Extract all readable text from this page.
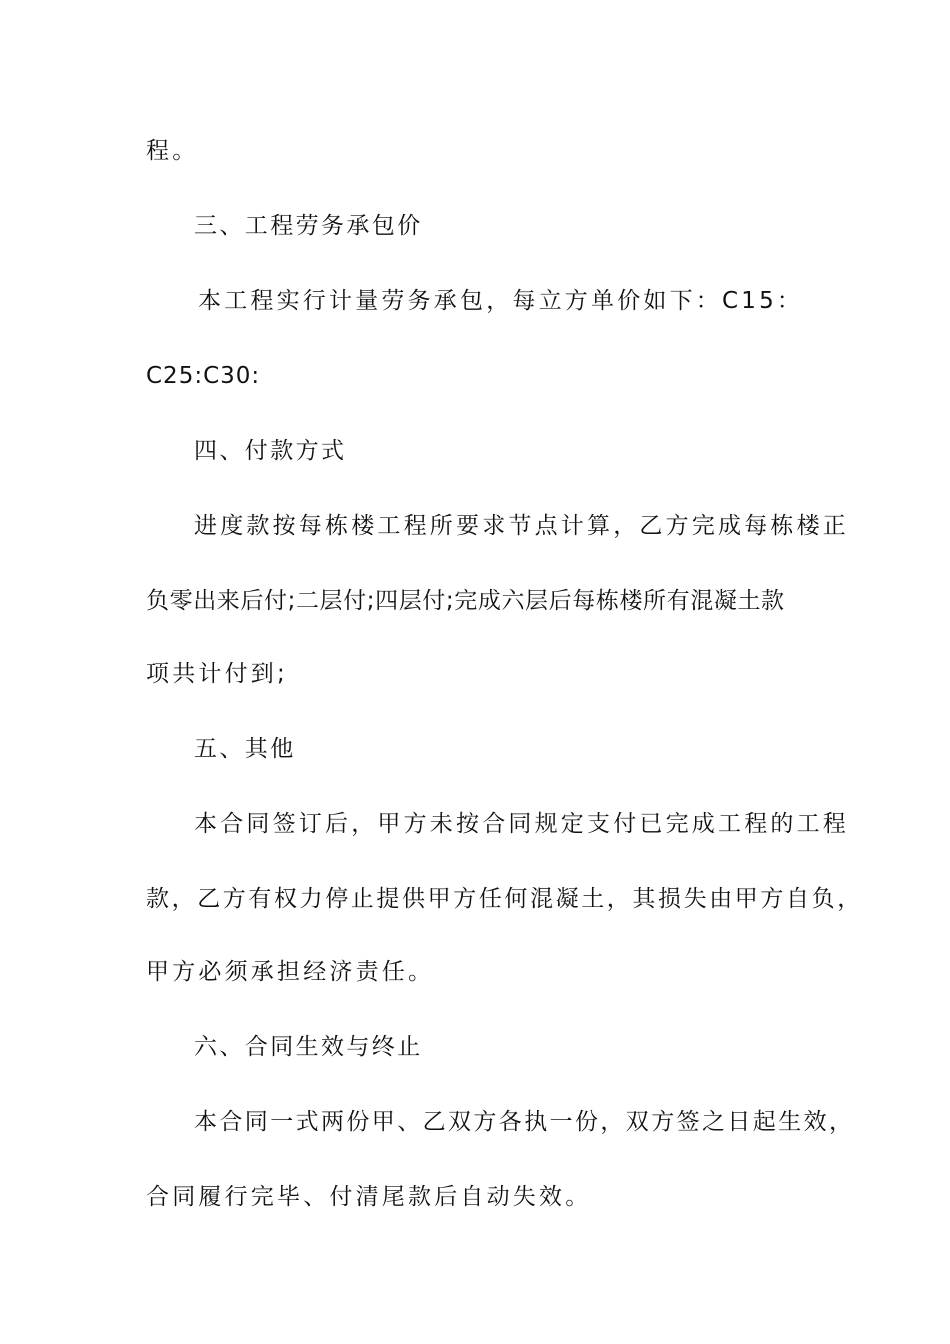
程。
三、工程劳务承包价
本工程实行计量劳务承包，每立方单价如下：C15：
C25:C30:
四、付款方式
进度款按每栋楼工程所要求节点计算，乙方完成每栋楼正
负零出来后付;二层付;四层付;完成六层后每栋楼所有混凝土款
项共计付到;
五、其他
本合同签订后，甲方未按合同规定支付已完成工程的工程
款，乙方有权力停止提供甲方任何混凝土，其损失由甲方自负，
甲方必须承担经济责任。
六、合同生效与终止
本合同一式两份甲、乙双方各执一份，双方签之日起生效，
合同履行完毕、付清尾款后自动失效。
